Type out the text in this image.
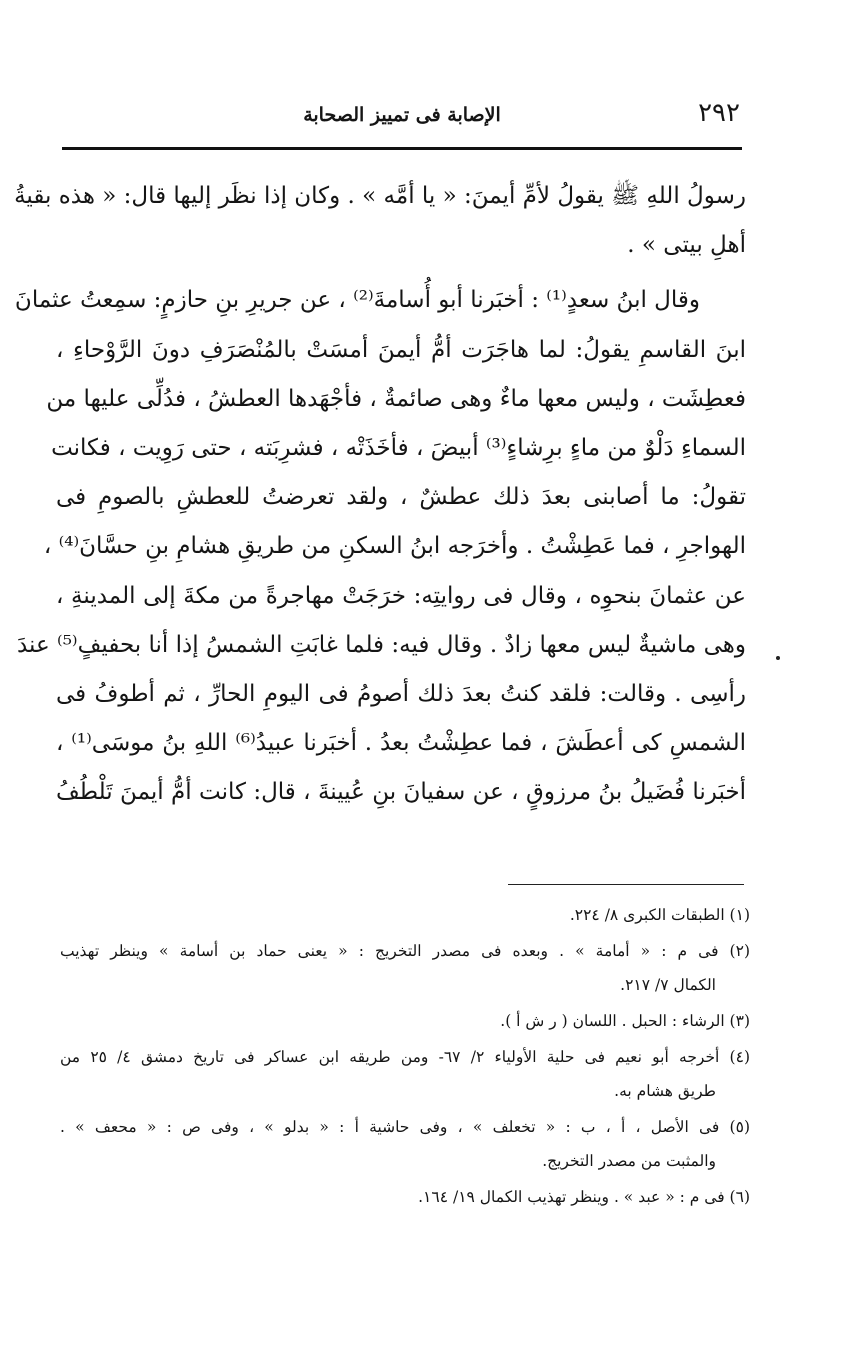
٢٩٢
الإصابة فى تمييز الصحابة
رسولُ اللهِ ﷺ يقولُ لأمِّ أيمنَ: « يا أمَّه » . وكان إذا نظَر إليها قال: « هذه بقيةُ
أهلِ بيتى » .
وقال ابنُ سعدٍ⁽¹⁾ : أخبَرنا أبو أُسامةَ⁽²⁾ ، عن جريرِ بنِ حازمٍ: سمِعتُ عثمانَ
ابنَ القاسمِ يقولُ: لما هاجَرَت أمُّ أيمنَ أمسَتْ بالمُنْصَرَفِ دونَ الرَّوْحاءِ ،
فعطِشَت ، وليس معها ماءٌ وهى صائمةٌ ، فأجْهَدها العطشُ ، فدُلِّى عليها من
السماءِ دَلْوٌ من ماءٍ برِشاءٍ⁽³⁾ أبيضَ ، فأخَذَتْه ، فشرِبَته ، حتى رَوِيت ، فكانت
تقولُ: ما أصابنى بعدَ ذلك عطشٌ ، ولقد تعرضتُ للعطشِ بالصومِ فى
الهواجرِ ، فما عَطِشْتُ . وأخرَجه ابنُ السكنِ من طريقِ هشامِ بنِ حسَّانَ⁽⁴⁾ ،
عن عثمانَ بنحوِه ، وقال فى روايتِه: خرَجَتْ مهاجرةً من مكةَ إلى المدينةِ ،
وهى ماشيةٌ ليس معها زادٌ . وقال فيه: فلما غابَتِ الشمسُ إذا أنا بحفيفٍ⁽⁵⁾ عندَ
رأسِى . وقالت: فلقد كنتُ بعدَ ذلك أصومُ فى اليومِ الحارِّ ، ثم أطوفُ فى
الشمسِ كى أعطَشَ ، فما عطِشْتُ بعدُ . أخبَرنا عبيدُ⁽⁶⁾ اللهِ بنُ موسَى⁽¹⁾ ،
أخبَرنا فُضَيلُ بنُ مرزوقٍ ، عن سفيانَ بنِ عُيينةَ ، قال: كانت أمُّ أيمنَ تَلْطُفُ
(١) الطبقات الكبرى ٨/ ٢٢٤.
(٢) فى م : « أمامة » . وبعده فى مصدر التخريج : « يعنى حماد بن أسامة » وينظر تهذيب
الكمال ٧/ ٢١٧.
(٣) الرشاء : الحبل . اللسان ( ر ش أ ).
(٤) أخرجه أبو نعيم فى حلية الأولياء ٢/ ٦٧- ومن طريقه ابن عساكر فى تاريخ دمشق ٤/ ٢٥ من
طريق هشام به.
(٥) فى الأصل ، أ ، ب : « تخعلف » ، وفى حاشية أ : « بدلو » ، وفى ص : « محعف » .
والمثبت من مصدر التخريج.
(٦) فى م : « عبد » . وينظر تهذيب الكمال ١٩/ ١٦٤.
